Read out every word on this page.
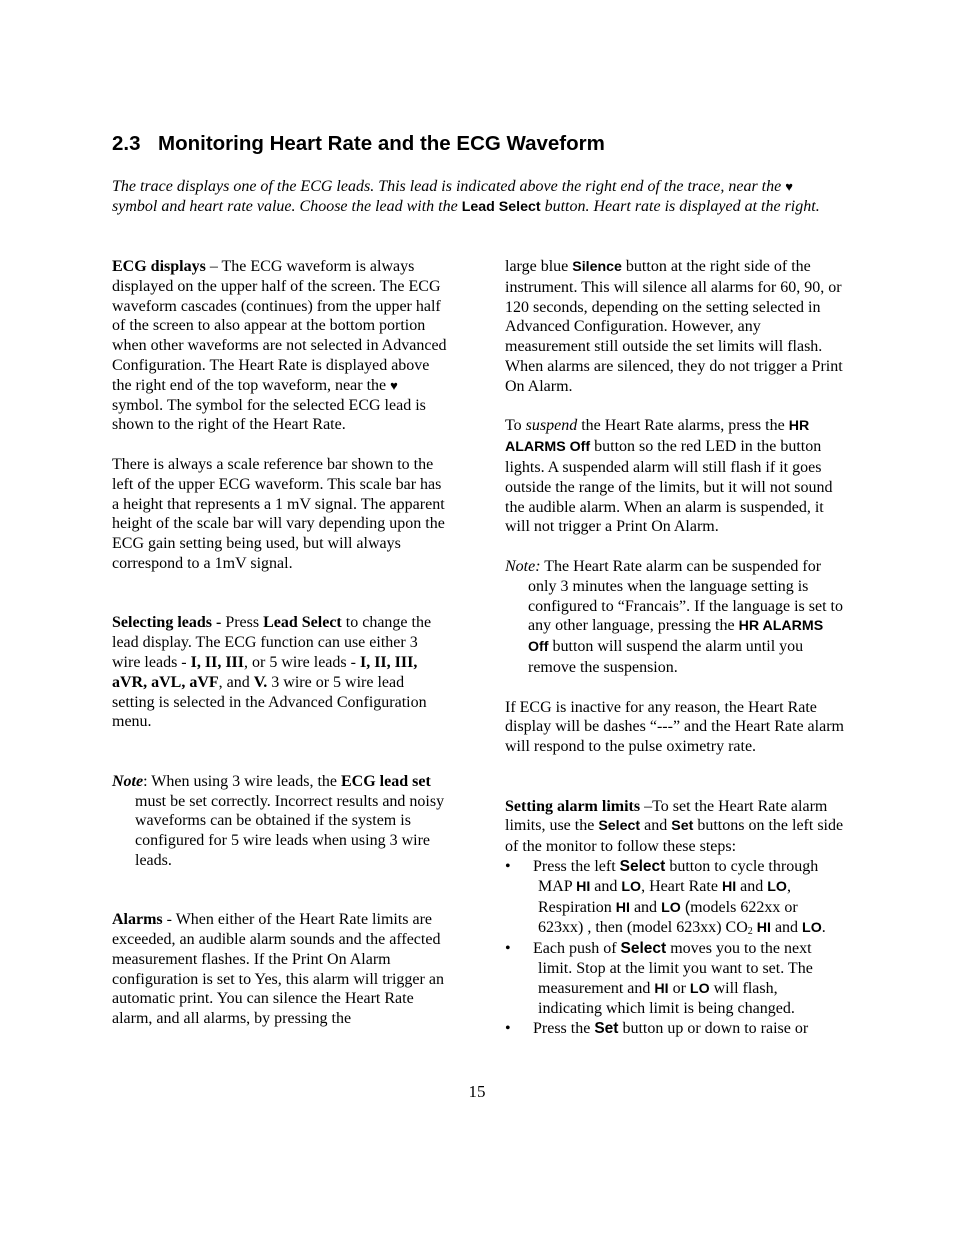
2.3 Monitoring Heart Rate and the ECG Waveform
The trace displays one of the ECG leads. This lead is indicated above the right end of the trace, near the ♥ symbol and heart rate value. Choose the lead with the Lead Select button. Heart rate is displayed at the right.

ECG displays – The ECG waveform is always displayed on the upper half of the screen. The ECG waveform cascades (continues) from the upper half of the screen to also appear at the bottom portion when other waveforms are not selected in Advanced Configuration. The Heart Rate is displayed above the right end of the top waveform, near the ♥ symbol. The symbol for the selected ECG lead is shown to the right of the Heart Rate.

There is always a scale reference bar shown to the left of the upper ECG waveform. This scale bar has a height that represents a 1 mV signal. The apparent height of the scale bar will vary depending upon the ECG gain setting being used, but will always correspond to a 1mV signal.

Selecting leads - Press Lead Select to change the lead display. The ECG function can use either 3 wire leads - I, II, III, or 5 wire leads - I, II, III, aVR, aVL, aVF, and V. 3 wire or 5 wire lead setting is selected in the Advanced Configuration menu.

Note: When using 3 wire leads, the ECG lead set must be set correctly. Incorrect results and noisy waveforms can be obtained if the system is configured for 5 wire leads when using 3 wire leads.

Alarms - When either of the Heart Rate limits are exceeded, an audible alarm sounds and the affected measurement flashes. If the Print On Alarm configuration is set to Yes, this alarm will trigger an automatic print. You can silence the Heart Rate alarm, and all alarms, by pressing the

large blue Silence button at the right side of the instrument. This will silence all alarms for 60, 90, or 120 seconds, depending on the setting selected in Advanced Configuration. However, any measurement still outside the set limits will flash. When alarms are silenced, they do not trigger a Print On Alarm.

To suspend the Heart Rate alarms, press the HR ALARMS Off button so the red LED in the button lights. A suspended alarm will still flash if it goes outside the range of the limits, but it will not sound the audible alarm. When an alarm is suspended, it will not trigger a Print On Alarm.

Note: The Heart Rate alarm can be suspended for only 3 minutes when the language setting is configured to “Francais”. If the language is set to any other language, pressing the HR ALARMS Off button will suspend the alarm until you remove the suspension.

If ECG is inactive for any reason, the Heart Rate display will be dashes “---” and the Heart Rate alarm will respond to the pulse oximetry rate.

Setting alarm limits –To set the Heart Rate alarm limits, use the Select and Set buttons on the left side of the monitor to follow these steps:

•	Press the left Select button to cycle through MAP HI and LO, Heart Rate HI and LO, Respiration HI and LO (models 622xx or 623xx) , then (model 623xx) $CO_2$ HI and LO.
•	Each push of Select moves you to the next limit. Stop at the limit you want to set. The measurement and HI or LO will flash, indicating which limit is being changed.
•	Press the Set button up or down to raise or
15
